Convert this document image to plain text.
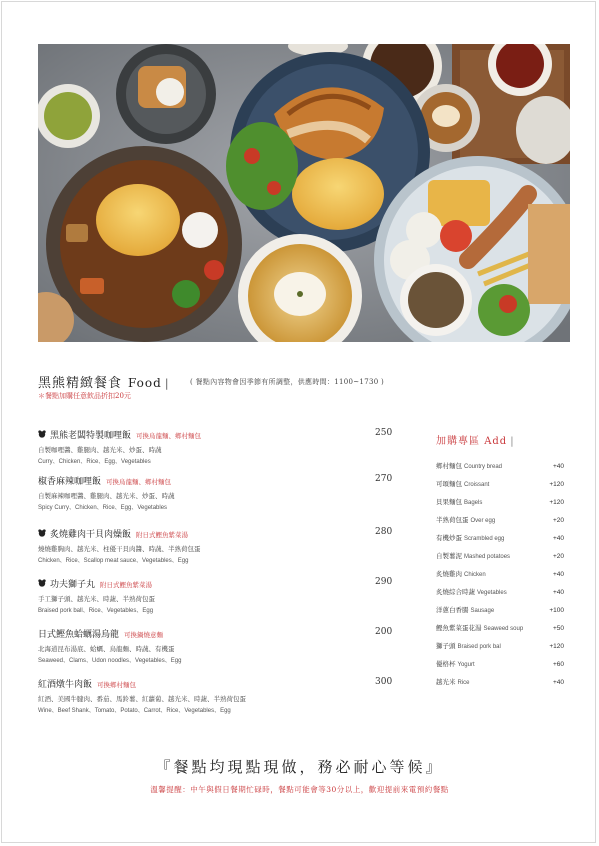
黑熊精緻餐食 Food |	( 餐點內容物會因季節有所調整，供應時間：1100~1730 )
＊餐點加購任意飲品折扣20元
黑熊老闆特製咖哩飯 可換烏龍麵、鄉村麵包	250
自製咖哩醬、雞腿肉、越光米、炒蛋、時蔬
Curry、Chicken、Rice、Egg、Vegetables
椒香麻辣咖哩飯 可換烏龍麵、鄉村麵包	270
自製麻辣咖哩醬、雞腿肉、越光米、炒蛋、時蔬
Spicy Curry、Chicken、Rice、Egg、Vegetables
炙燒雞肉干貝肉燥飯 附日式鰹魚紫菜湯	280
燒燒雞胸肉、越光米、柱優干貝肉醬、時蔬、半熟荷包蛋
Chicken、Rice、Scallop meat sauce、Vegetables、Egg
功夫獅子丸 附日式鰹魚紫菜湯	290
手工獅子頭、越光米、時蔬、半熟荷包蛋
Braised pork ball、Rice、Vegetables、Egg
日式鰹魚蛤蠣湯烏龍 可換鍋燒意麵	200
北海道昆布湯底、蛤蠣、烏龍麵、時蔬、有機蛋
Seaweed、Clams、Udon noodles、Vegetables、Egg
紅酒燉牛肉飯 可換鄉村麵包	300
紅酒、美國牛腱肉、番茄、馬鈴薯、紅蘿蔔、越光米、時蔬、半熟荷包蛋
Wine、Beef Shank、Tomato、Potato、Carrot、Rice、Vegetables、Egg
加購專區 Add |
鄉村麵包 Country bread	+40
可頌麵包 Croissant	+120
貝果麵包 Bagels	+120
半熟荷包蛋 Over egg	+20
有機炒蛋 Scrambled egg	+40
自製薯泥 Mashed potatoes	+20
炙燒雞肉 Chicken	+40
炙燒綜合時蔬 Vegetables	+40
洋蔥白香腸 Sausage	+100
鰹魚紫菜蛋花湯 Seaweed soup	+50
獅子頭 Braised pork bal	+120
優格杯 Yogurt	+60
越光米 Rice	+40
『餐點均現點現做，務必耐心等候』
溫馨提醒：中午與假日餐期忙碌時，餐點可能會等30分以上，歡迎提前來電預約餐點
